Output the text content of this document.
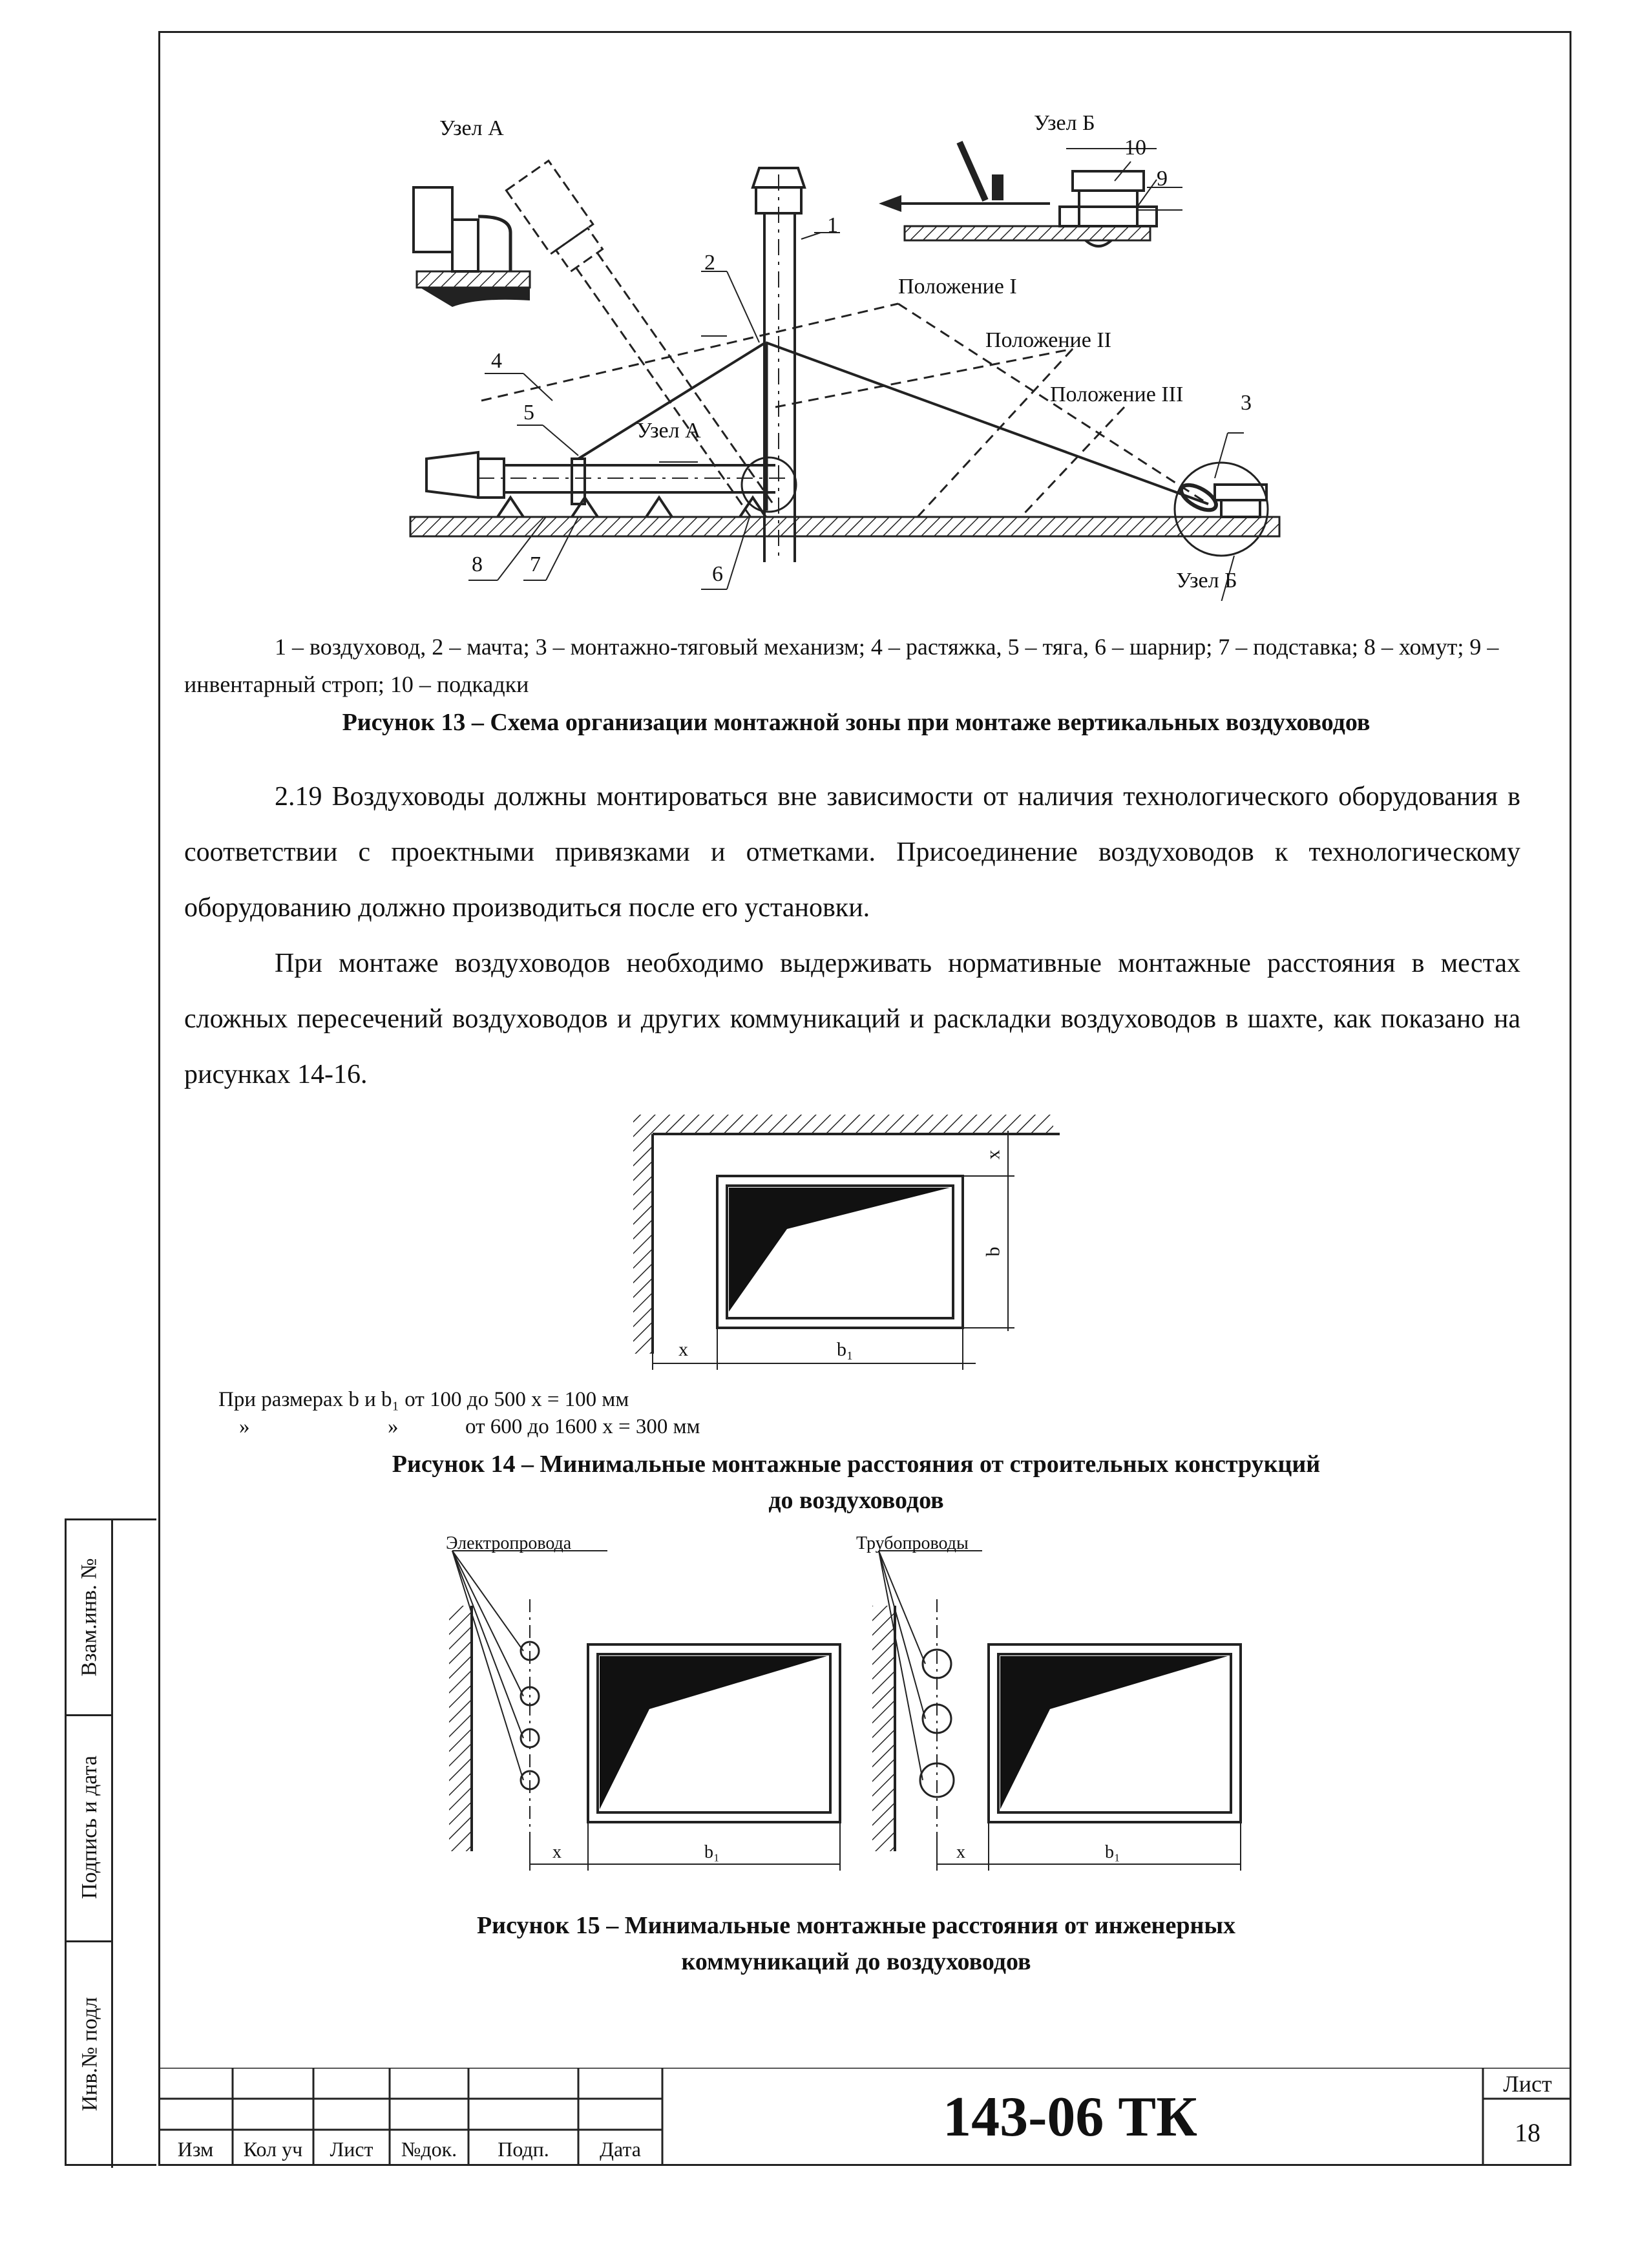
Узел А	Узел Б
10
9
1
2
Положение I
Положение II
Положение III	3
4
5
Узел А
8 7	6	Узел Б
1 – воздуховод, 2 – мачта; 3 – монтажно-тяговый механизм; 4 – растяжка, 5 – тяга, 6 – шарнир; 7 – подставка; 8 – хомут; 9 – инвентарный строп; 10 – подкадки
Рисунок 13 – Схема организации монтажной зоны при монтаже вертикальных воздуховодов
2.19 Воздуховоды должны монтироваться вне зависимости от наличия технологического оборудования в соответствии с проектными привязками и отметками. Присоединение воздуховодов к технологическому оборудованию должно производиться после его установки.
При монтаже воздуховодов необходимо выдерживать нормативные монтажные расстояния в местах сложных пересечений воздуховодов и других коммуникаций и раскладки воздуховодов в шахте, как показано на рисунках 14-16.
x
b
x	b₁
При размерах b и b₁ от 100 до 500 x = 100 мм
»	»	от 600 до 1600 x = 300 мм
Рисунок 14 – Минимальные монтажные расстояния от строительных конструкций
до воздуховодов
Электропровода	Трубопроводы
x	b₁	x	b₁
Рисунок 15 – Минимальные монтажные расстояния от инженерных
коммуникаций до воздуховодов
Взам.инв. №
Подпись и дата
Инв.№ подл
Изм	Кол уч	Лист	№док.	Подп.	Дата
143-06 ТК
Лист
18
